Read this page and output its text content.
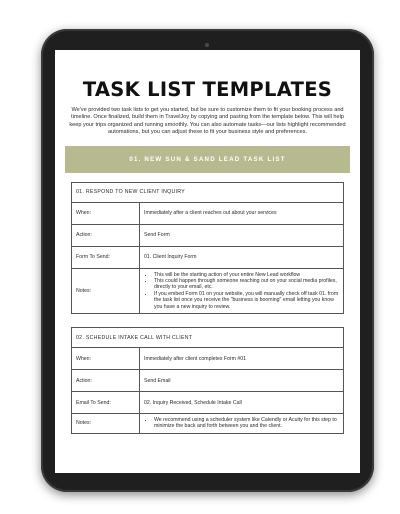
TASK LIST TEMPLATES
We've provided two task lists to get you started, but be sure to customize them to fit your booking process and timeline. Once finalized, build them in TravelJoy by copying and pasting from the template below. This will help keep your trips organized and running smoothly. You can also automate tasks—our lists highlight recommended automations, but you can adjust these to fit your business style and preferences.
01. NEW SUN & SAND LEAD TASK LIST
01. RESPOND TO NEW CLIENT INQUIRY
When:	Immediately after a client reaches out about your services
Action:	Send Form
Form To Send:	01. Client Inquiry Form
Notes:
• This will be the starting action of your entire New Lead workflow
• This could happen through someone reaching out on your social media profiles, directly to your email, etc.
• If you embed Form 01 on your website, you will manually check off task 01. from the task list once you receive the "business is booming" email letting you know you have a new inquiry to review.
02. SCHEDULE INTAKE CALL WITH CLIENT
When:	Immediately after client completes Form #01
Action:	Send Email
Email To Send:	02. Inquiry Received, Schedule Intake Call
Notes:
• We recommend using a scheduler system like Calendly or Acuity for this step to minimize the back and forth between you and the client.
